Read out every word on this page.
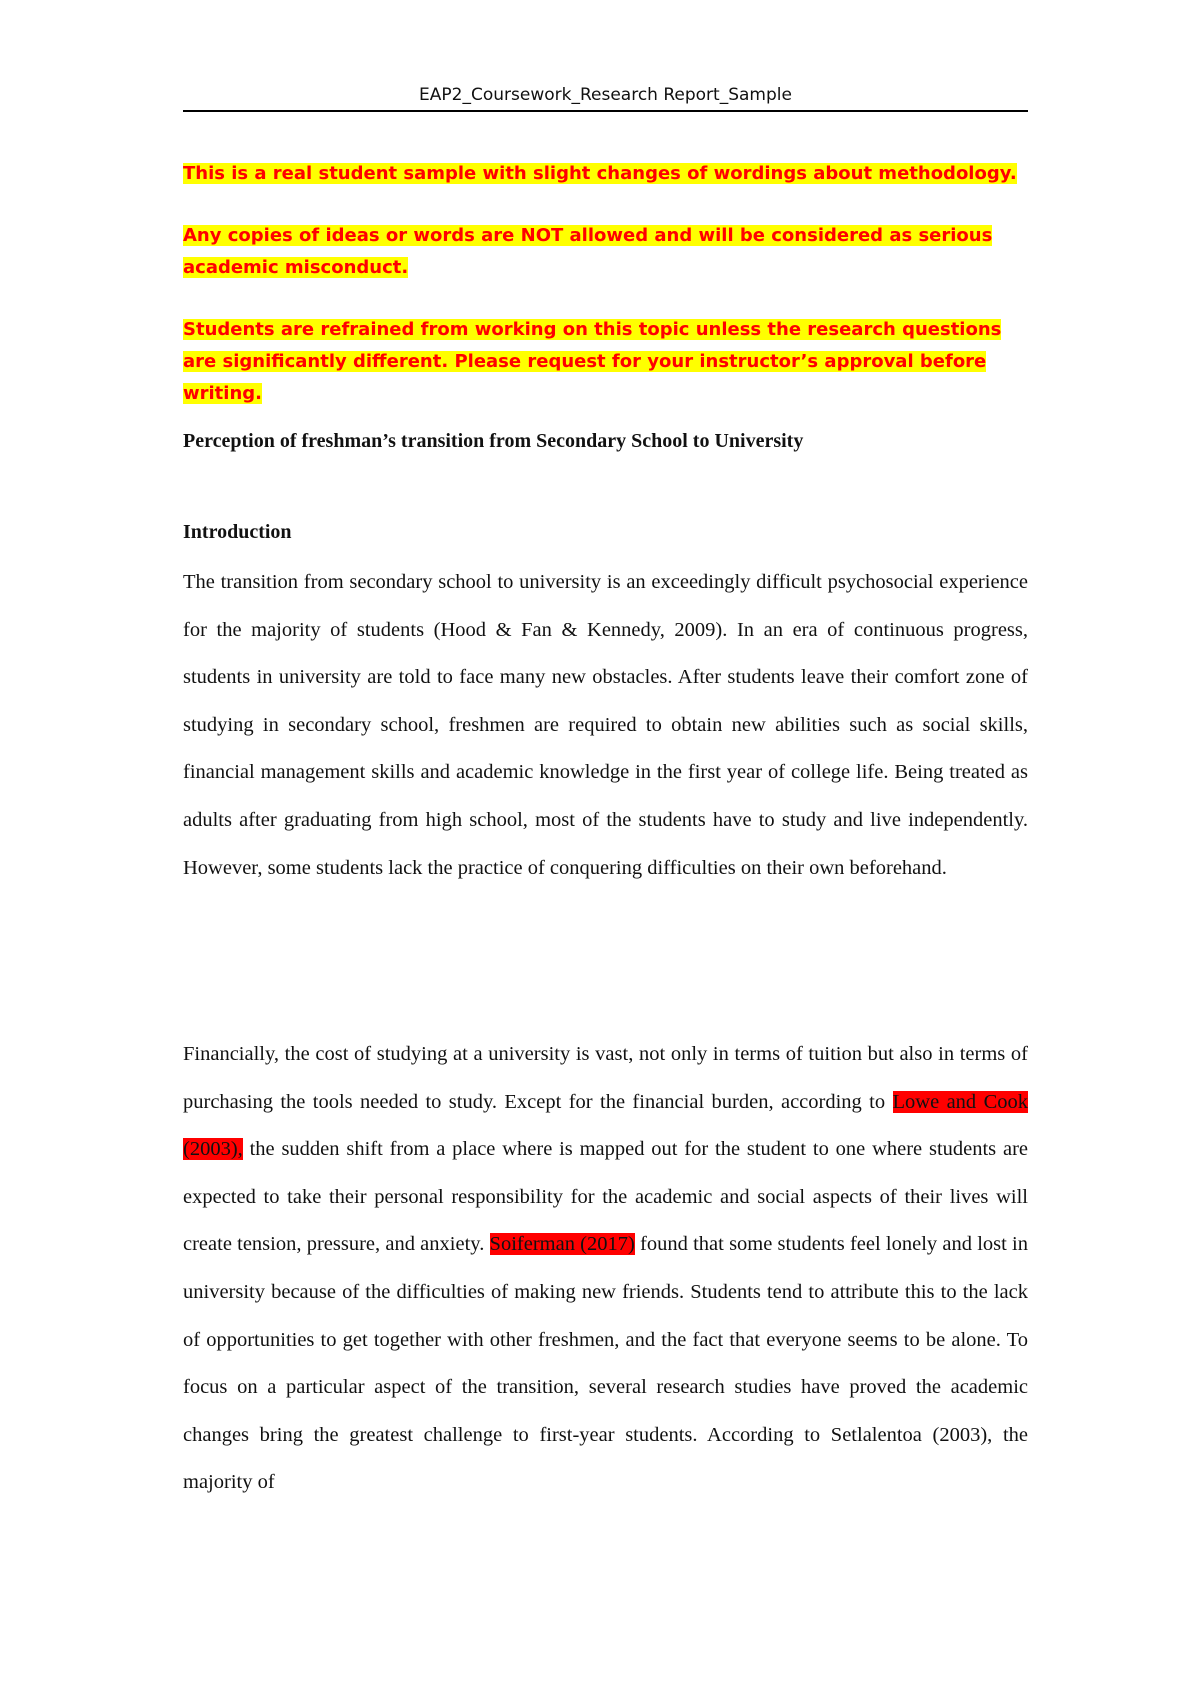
EAP2_Coursework_Research Report_Sample

This is a real student sample with slight changes of wordings about methodology.

Any copies of ideas or words are NOT allowed and will be considered as serious academic misconduct.

Students are refrained from working on this topic unless the research questions are significantly different. Please request for your instructor’s approval before writing.

Perception of freshman’s transition from Secondary School to University
Introduction
The transition from secondary school to university is an exceedingly difficult psychosocial experience for the majority of students (Hood & Fan & Kennedy, 2009). In an era of continuous progress, students in university are told to face many new obstacles. After students leave their comfort zone of studying in secondary school, freshmen are required to obtain new abilities such as social skills, financial management skills and academic knowledge in the first year of college life. Being treated as adults after graduating from high school, most of the students have to study and live independently. However, some students lack the practice of conquering difficulties on their own beforehand.
Financially, the cost of studying at a university is vast, not only in terms of tuition but also in terms of purchasing the tools needed to study. Except for the financial burden, according to Lowe and Cook (2003), the sudden shift from a place where is mapped out for the student to one where students are expected to take their personal responsibility for the academic and social aspects of their lives will create tension, pressure, and anxiety. Soiferman (2017) found that some students feel lonely and lost in university because of the difficulties of making new friends. Students tend to attribute this to the lack of opportunities to get together with other freshmen, and the fact that everyone seems to be alone. To focus on a particular aspect of the transition, several research studies have proved the academic changes bring the greatest challenge to first-year students. According to Setlalentoa (2003), the majority of
